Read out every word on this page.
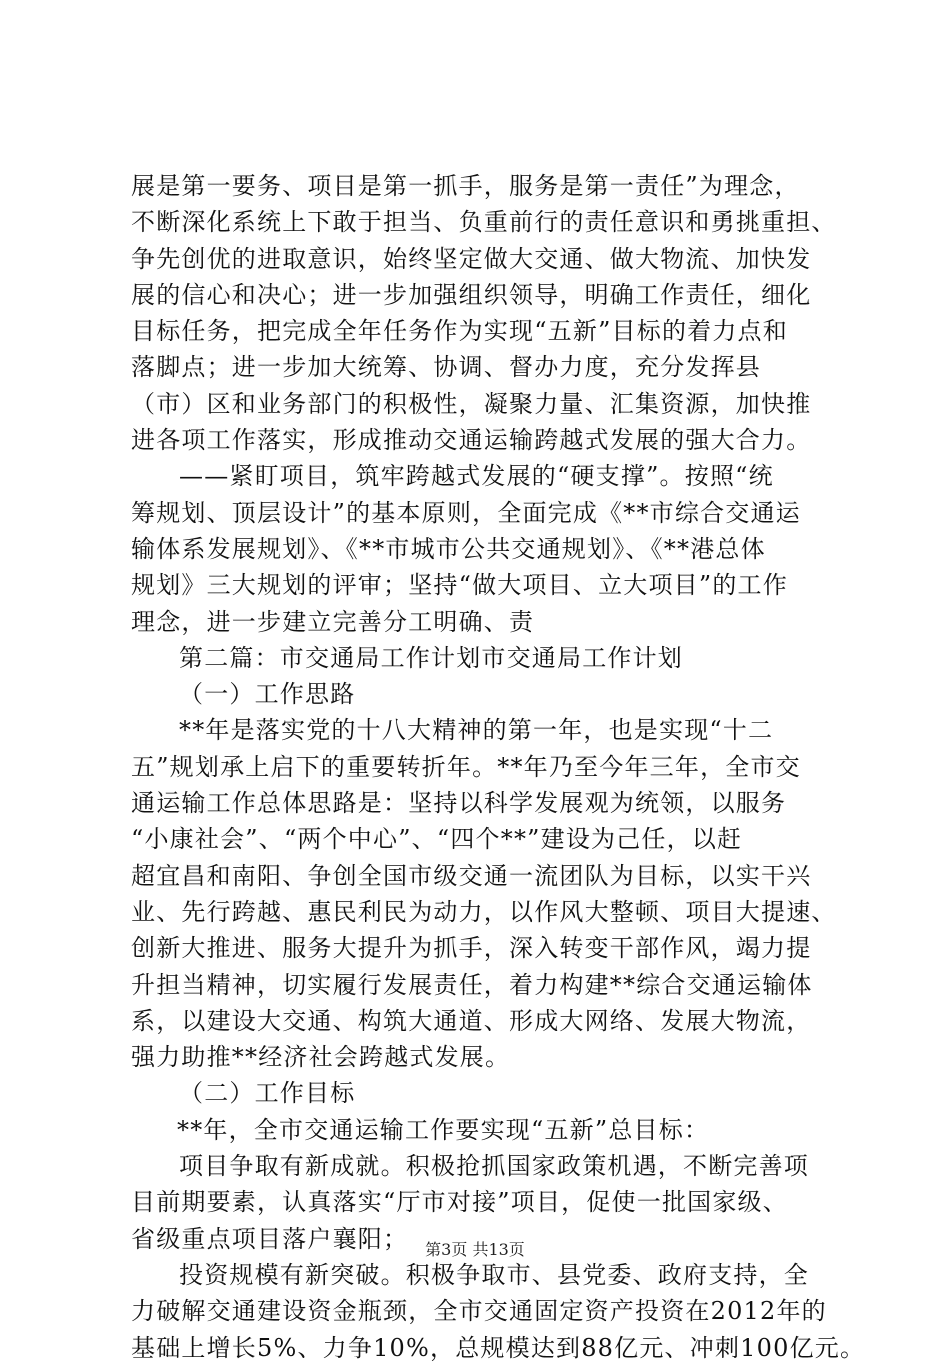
展是第一要务、项目是第一抓手，服务是第一责任”为理念，
不断深化系统上下敢于担当、负重前行的责任意识和勇挑重担、
争先创优的进取意识，始终坚定做大交通、做大物流、加快发
展的信心和决心；进一步加强组织领导，明确工作责任，细化
目标任务，把完成全年任务作为实现“五新”目标的着力点和
落脚点；进一步加大统筹、协调、督办力度，充分发挥县
（市）区和业务部门的积极性，凝聚力量、汇集资源，加快推
进各项工作落实，形成推动交通运输跨越式发展的强大合力。
——紧盯项目，筑牢跨越式发展的“硬支撑”。按照“统
筹规划、顶层设计”的基本原则，全面完成《**市综合交通运
输体系发展规划》、《**市城市公共交通规划》、《**港总体
规划》三大规划的评审；坚持“做大项目、立大项目”的工作
理念，进一步建立完善分工明确、责
第二篇：市交通局工作计划市交通局工作计划
（一）工作思路
**年是落实党的十八大精神的第一年，也是实现“十二
五”规划承上启下的重要转折年。**年乃至今年三年，全市交
通运输工作总体思路是：坚持以科学发展观为统领，以服务
“小康社会”、“两个中心”、“四个**”建设为己任，以赶
超宜昌和南阳、争创全国市级交通一流团队为目标，以实干兴
业、先行跨越、惠民利民为动力，以作风大整顿、项目大提速、
创新大推进、服务大提升为抓手，深入转变干部作风，竭力提
升担当精神，切实履行发展责任，着力构建**综合交通运输体
系，以建设大交通、构筑大通道、形成大网络、发展大物流，
强力助推**经济社会跨越式发展。
（二）工作目标
**年，全市交通运输工作要实现“五新”总目标：
项目争取有新成就。积极抢抓国家政策机遇，不断完善项
目前期要素，认真落实“厅市对接”项目，促使一批国家级、
省级重点项目落户襄阳；
投资规模有新突破。积极争取市、县党委、政府支持，全
力破解交通建设资金瓶颈，全市交通固定资产投资在2012年的
基础上增长5%、力争10%，总规模达到88亿元、冲刺100亿元。
第3页 共13页
